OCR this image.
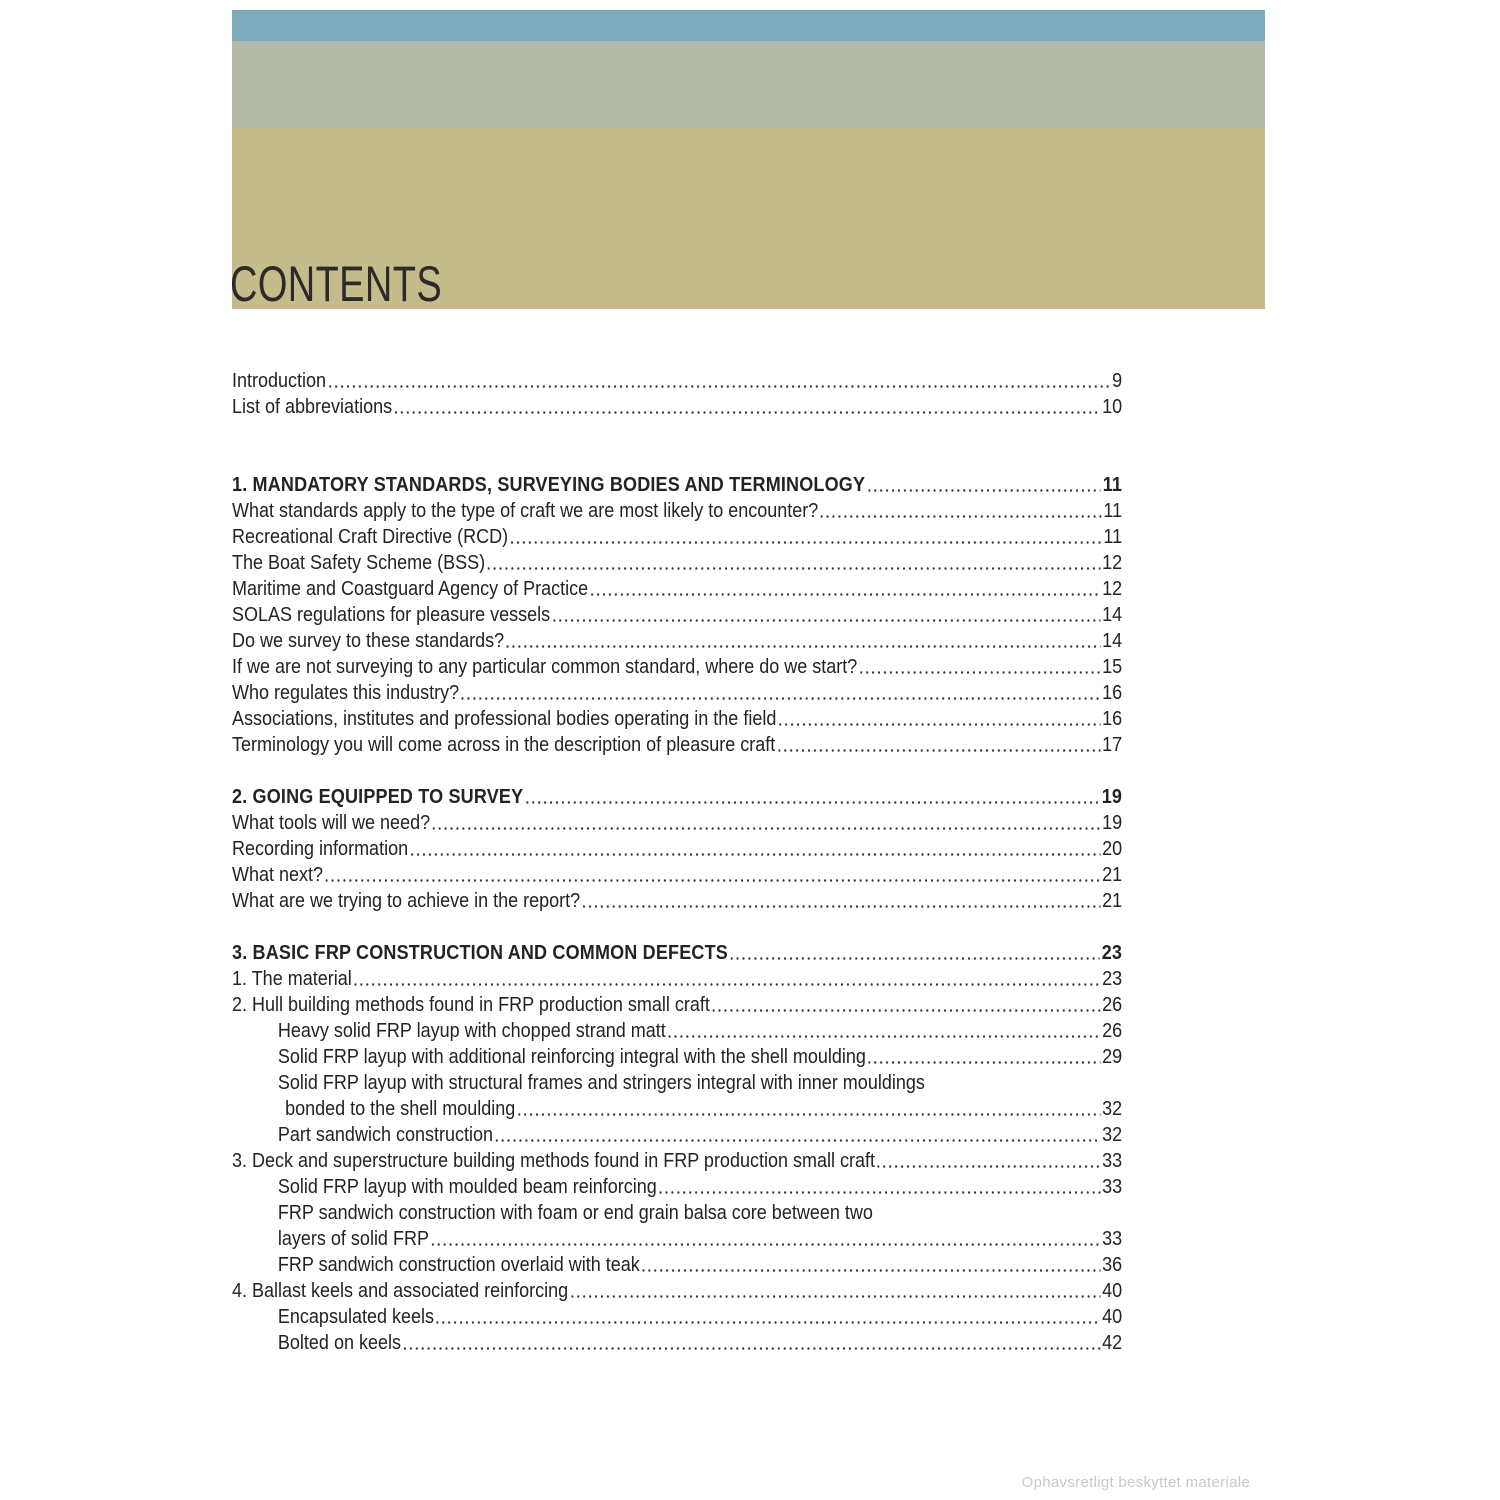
CONTENTS
Introduction	9
List of abbreviations	10
1. MANDATORY STANDARDS, SURVEYING BODIES AND TERMINOLOGY	11
What standards apply to the type of craft we are most likely to encounter?	11
Recreational Craft Directive (RCD)	11
The Boat Safety Scheme (BSS)	12
Maritime and Coastguard Agency of Practice	12
SOLAS regulations for pleasure vessels	14
Do we survey to these standards?	14
If we are not surveying to any particular common standard, where do we start?	15
Who regulates this industry?	16
Associations, institutes and professional bodies operating in the field	16
Terminology you will come across in the description of pleasure craft	17
2. GOING EQUIPPED TO SURVEY	19
What tools will we need?	19
Recording information	20
What next?	21
What are we trying to achieve in the report?	21
3. BASIC FRP CONSTRUCTION AND COMMON DEFECTS	23
1. The material	23
2. Hull building methods found in FRP production small craft	26
Heavy solid FRP layup with chopped strand matt	26
Solid FRP layup with additional reinforcing integral with the shell moulding	29
Solid FRP layup with structural frames and stringers integral with inner mouldings
bonded to the shell moulding	32
Part sandwich construction	32
3. Deck and superstructure building methods found in FRP production small craft	33
Solid FRP layup with moulded beam reinforcing	33
FRP sandwich construction with foam or end grain balsa core between two
layers of solid FRP	33
FRP sandwich construction overlaid with teak	36
4. Ballast keels and associated reinforcing	40
Encapsulated keels	40
Bolted on keels	42
Ophavsretligt beskyttet materiale
